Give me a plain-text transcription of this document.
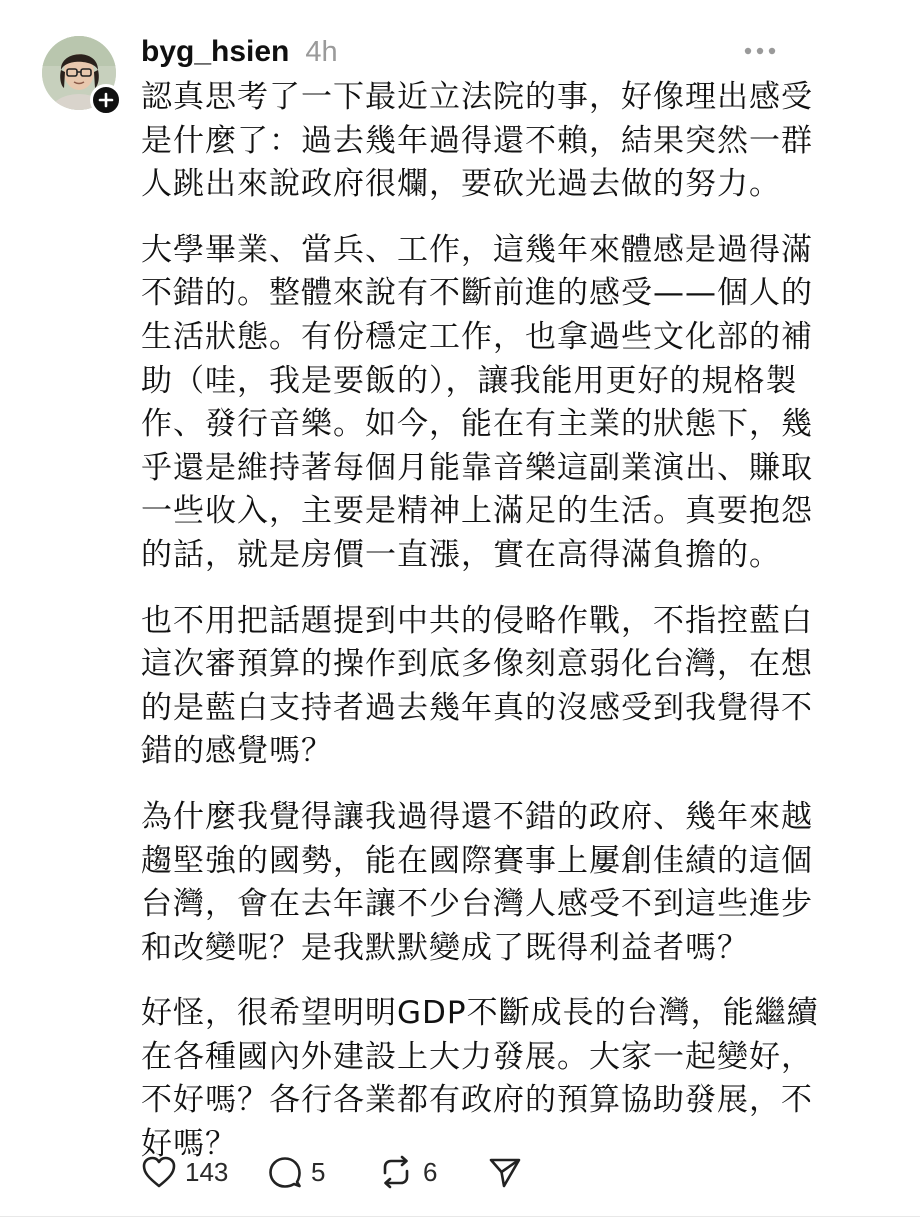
byg_hsien 4h

認真思考了一下最近立法院的事，好像理出感受
是什麼了：過去幾年過得還不賴，結果突然一群
人跳出來說政府很爛，要砍光過去做的努力。

大學畢業、當兵、工作，這幾年來體感是過得滿
不錯的。整體來說有不斷前進的感受——個人的
生活狀態。有份穩定工作，也拿過些文化部的補
助（哇，我是要飯的），讓我能用更好的規格製
作、發行音樂。如今，能在有主業的狀態下，幾
乎還是維持著每個月能靠音樂這副業演出、賺取
一些收入，主要是精神上滿足的生活。真要抱怨
的話，就是房價一直漲，實在高得滿負擔的。

也不用把話題提到中共的侵略作戰，不指控藍白
這次審預算的操作到底多像刻意弱化台灣，在想
的是藍白支持者過去幾年真的沒感受到我覺得不
錯的感覺嗎？

為什麼我覺得讓我過得還不錯的政府、幾年來越
趨堅強的國勢，能在國際賽事上屢創佳績的這個
台灣，會在去年讓不少台灣人感受不到這些進步
和改變呢？是我默默變成了既得利益者嗎？

好怪，很希望明明GDP不斷成長的台灣，能繼續
在各種國內外建設上大力發展。大家一起變好，
不好嗎？各行各業都有政府的預算協助發展，不
好嗎？

143	5	6
